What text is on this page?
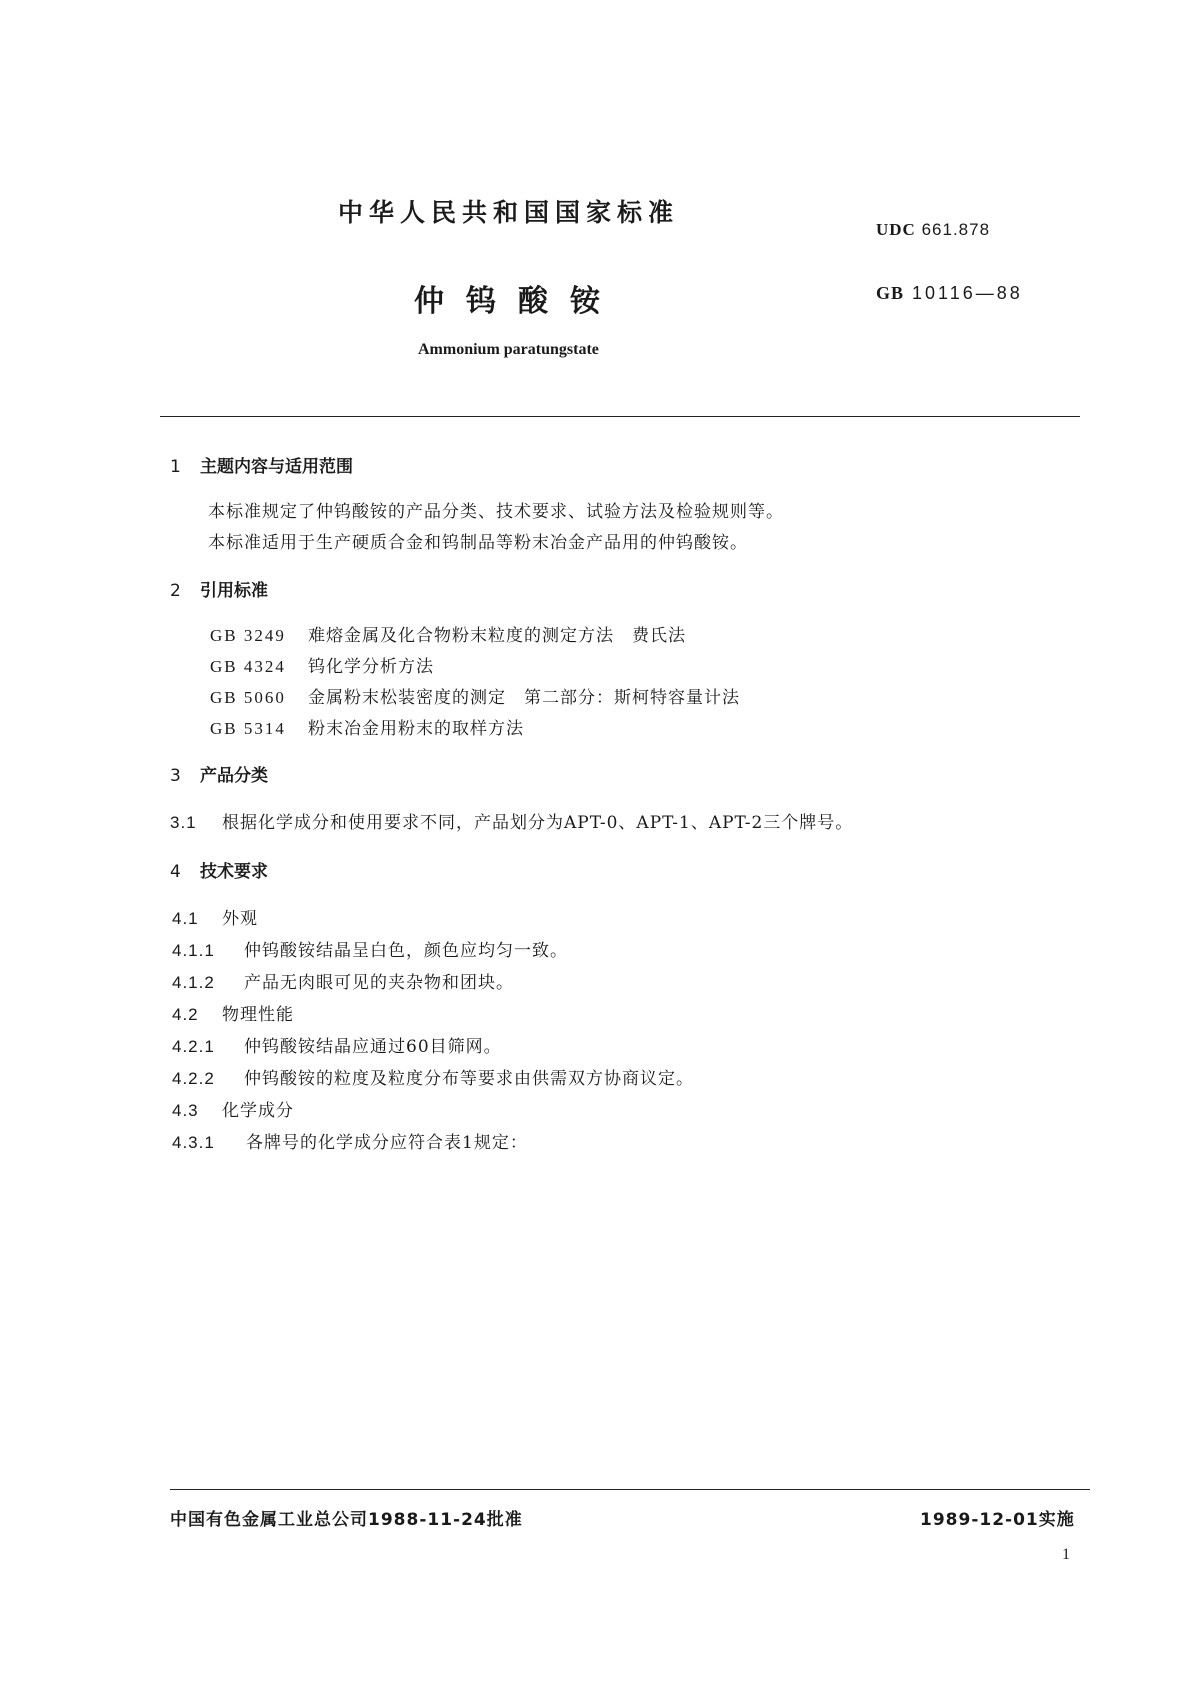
中华人民共和国国家标准
UDC 661.878
仲钨酸铵	GB 10116—88
Ammonium paratungstate
1 主题内容与适用范围
本标准规定了仲钨酸铵的产品分类、技术要求、试验方法及检验规则等。
本标准适用于生产硬质合金和钨制品等粉末冶金产品用的仲钨酸铵。
2 引用标准
GB 3249 难熔金属及化合物粉末粒度的测定方法　费氏法
GB 4324 钨化学分析方法
GB 5060 金属粉末松装密度的测定　第二部分：斯柯特容量计法
GB 5314 粉末冶金用粉末的取样方法
3 产品分类
3.1 根据化学成分和使用要求不同，产品划分为APT-0、APT-1、APT-2三个牌号。
4 技术要求
4.1 外观
4.1.1 仲钨酸铵结晶呈白色，颜色应均匀一致。
4.1.2 产品无肉眼可见的夹杂物和团块。
4.2 物理性能
4.2.1 仲钨酸铵结晶应通过60目筛网。
4.2.2 仲钨酸铵的粒度及粒度分布等要求由供需双方协商议定。
4.3 化学成分
4.3.1 各牌号的化学成分应符合表1规定：
中国有色金属工业总公司1988-11-24批准	1989-12-01实施
1
